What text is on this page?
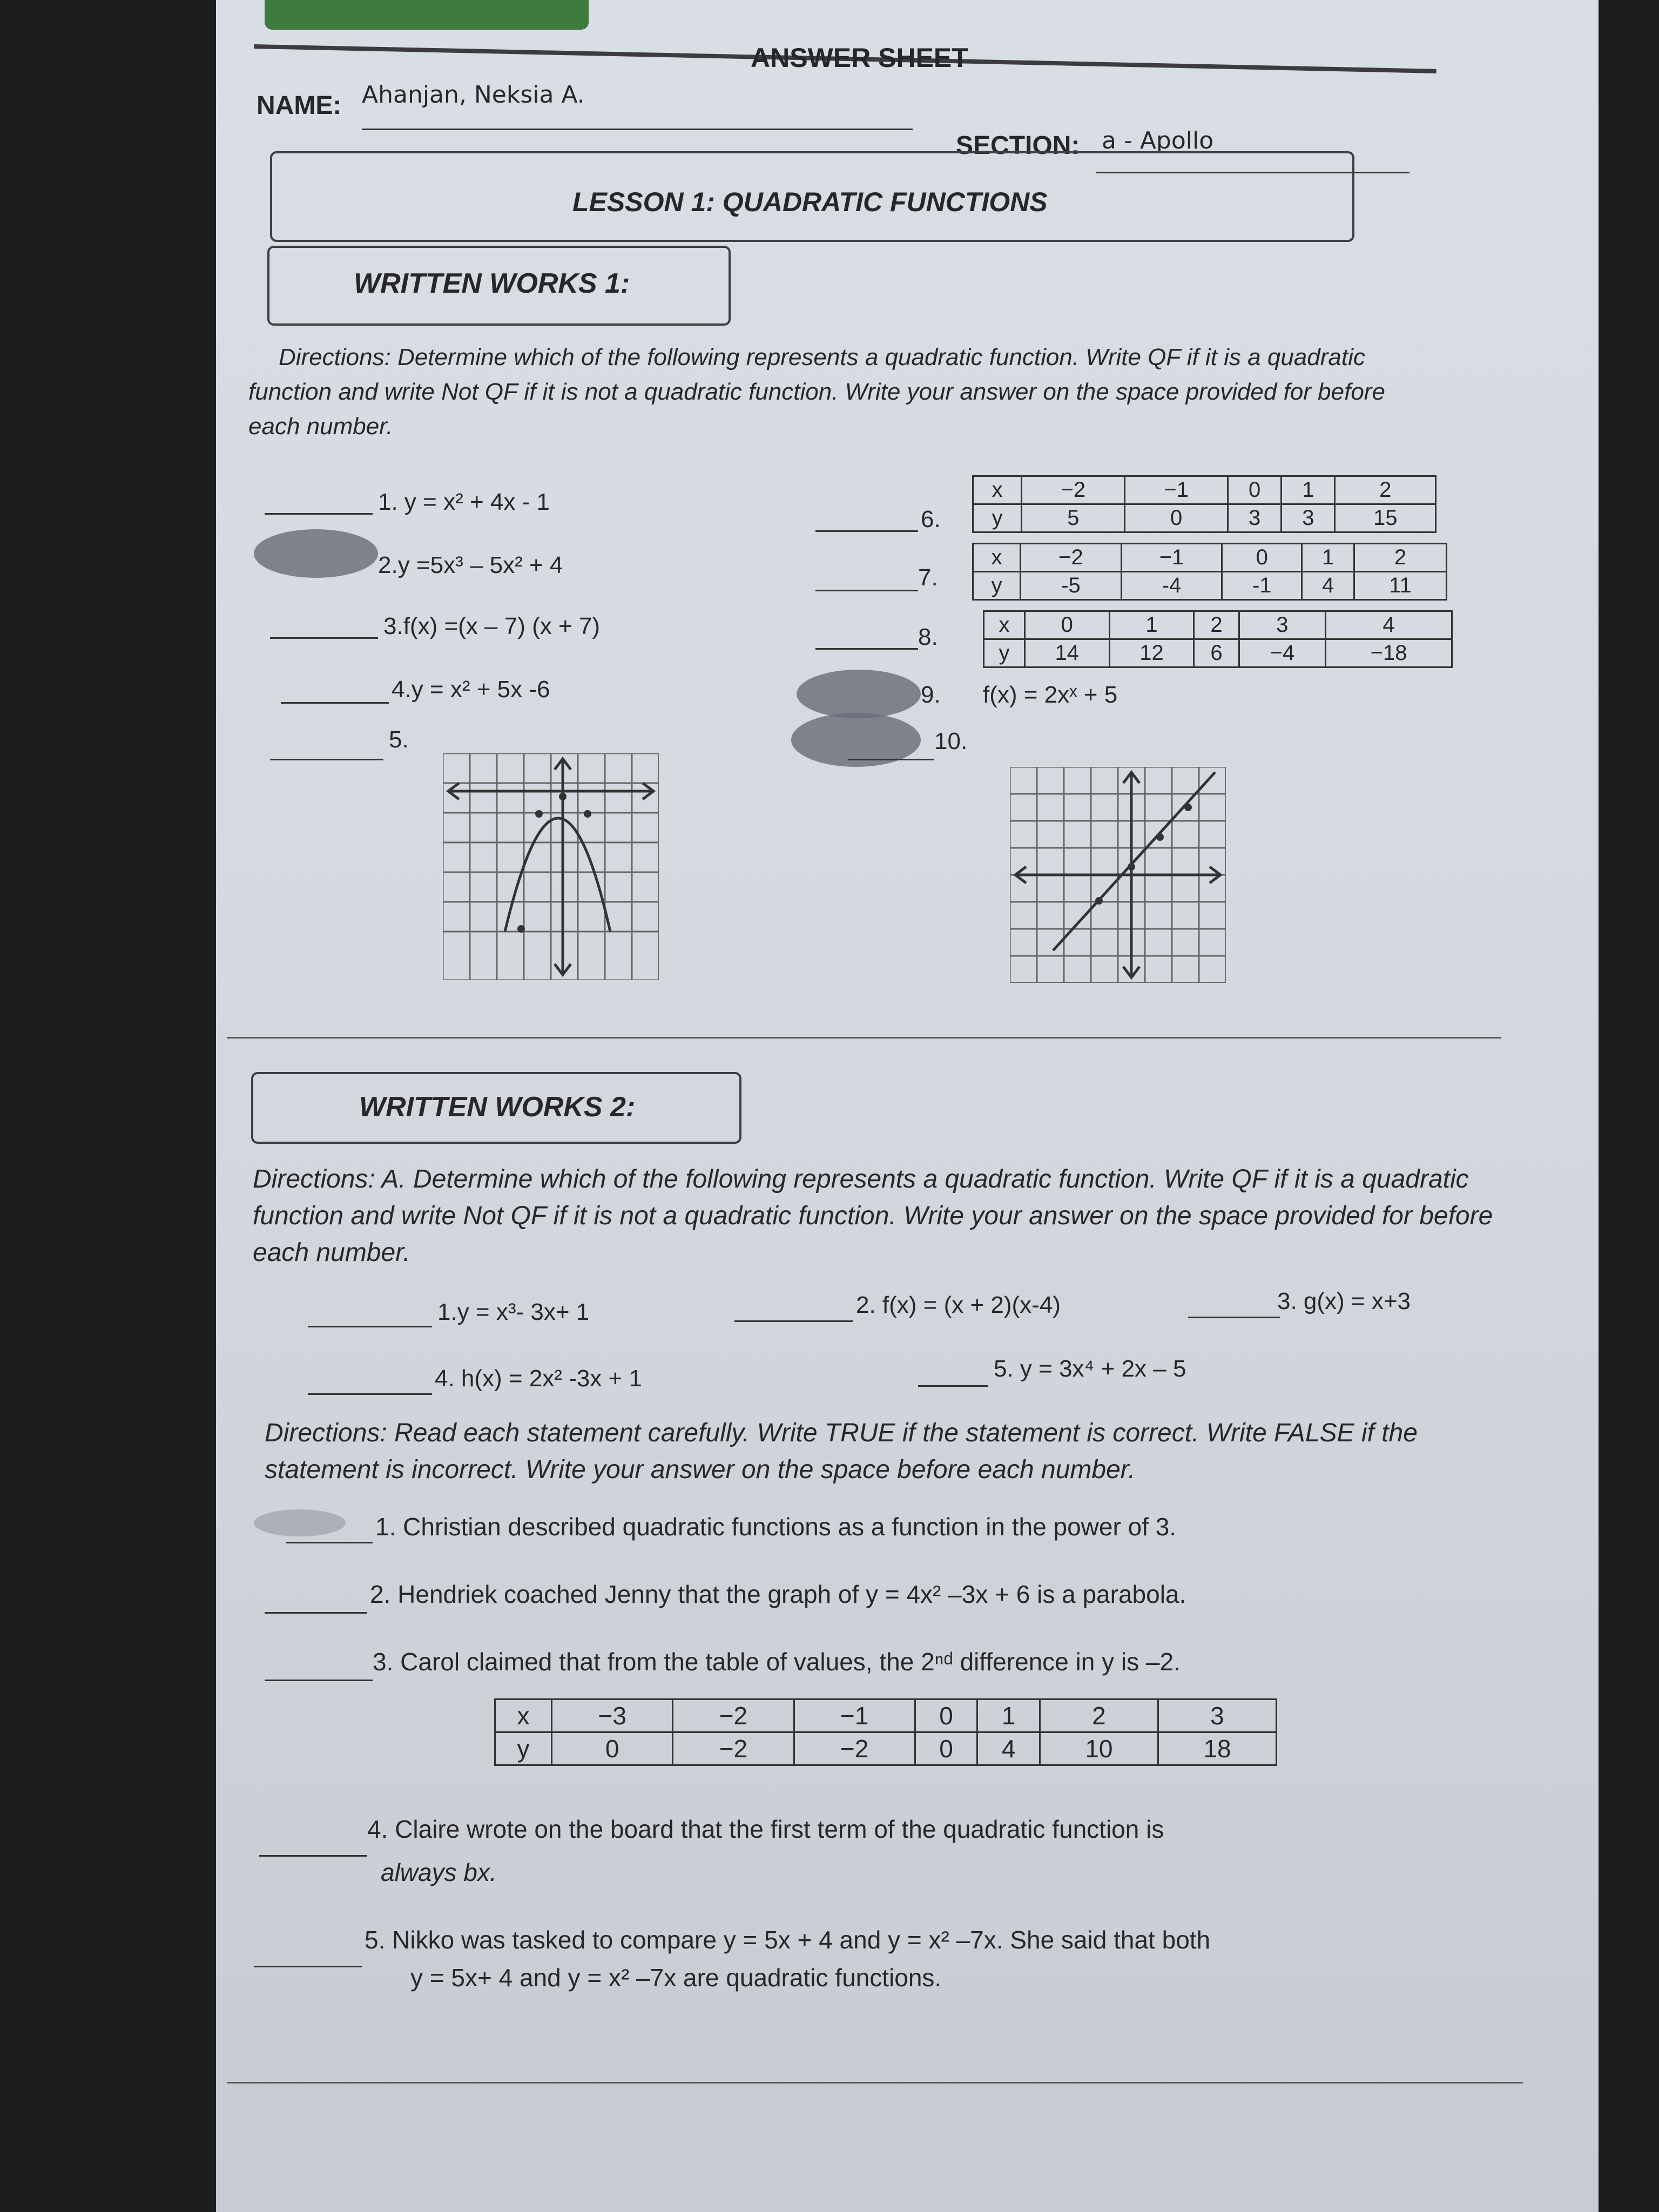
ANSWER SHEET
NAME: Ahanjan, Neksia A.
SECTION: a - Apollo
LESSON 1: QUADRATIC FUNCTIONS
WRITTEN WORKS 1:
Directions: Determine which of the following represents a quadratic function. Write QF if it is a quadratic function and write Not QF if it is not a quadratic function. Write your answer on the space provided for before each number.
1. y = x² + 4x - 1
2.y =5x³ – 5x² + 4
3.f(x) =(x – 7) (x + 7)
4.y = x² + 5x -6
5.
6.
7.
8.
9. f(x) = 2xˣ + 5
10.
x	−2	−1	0	1	2
y	5	0	3	3	15
x	−2	−1	0	1	2
y	-5	-4	-1	4	11
x	0	1	2	3	4
y	14	12	6	−4	−18
WRITTEN WORKS 2:
Directions: A. Determine which of the following represents a quadratic function. Write QF if it is a quadratic function and write Not QF if it is not a quadratic function. Write your answer on the space provided for before each number.
1.y = x³- 3x+ 1	2. f(x) = (x + 2)(x-4)	3. g(x) = x+3
4. h(x) = 2x² -3x + 1	5. y = 3x⁴ + 2x – 5
Directions: Read each statement carefully. Write TRUE if the statement is correct. Write FALSE if the statement is incorrect. Write your answer on the space before each number.
1. Christian described quadratic functions as a function in the power of 3.
2. Hendriek coached Jenny that the graph of y = 4x² –3x + 6 is a parabola.
3. Carol claimed that from the table of values, the 2ⁿᵈ difference in y is –2.
x	−3	−2	−1	0	1	2	3
y	0	−2	−2	0	4	10	18
4. Claire wrote on the board that the first term of the quadratic function is
always bx.
5. Nikko was tasked to compare y = 5x + 4 and y = x² –7x. She said that both
y = 5x+ 4 and y = x² –7x are quadratic functions.
